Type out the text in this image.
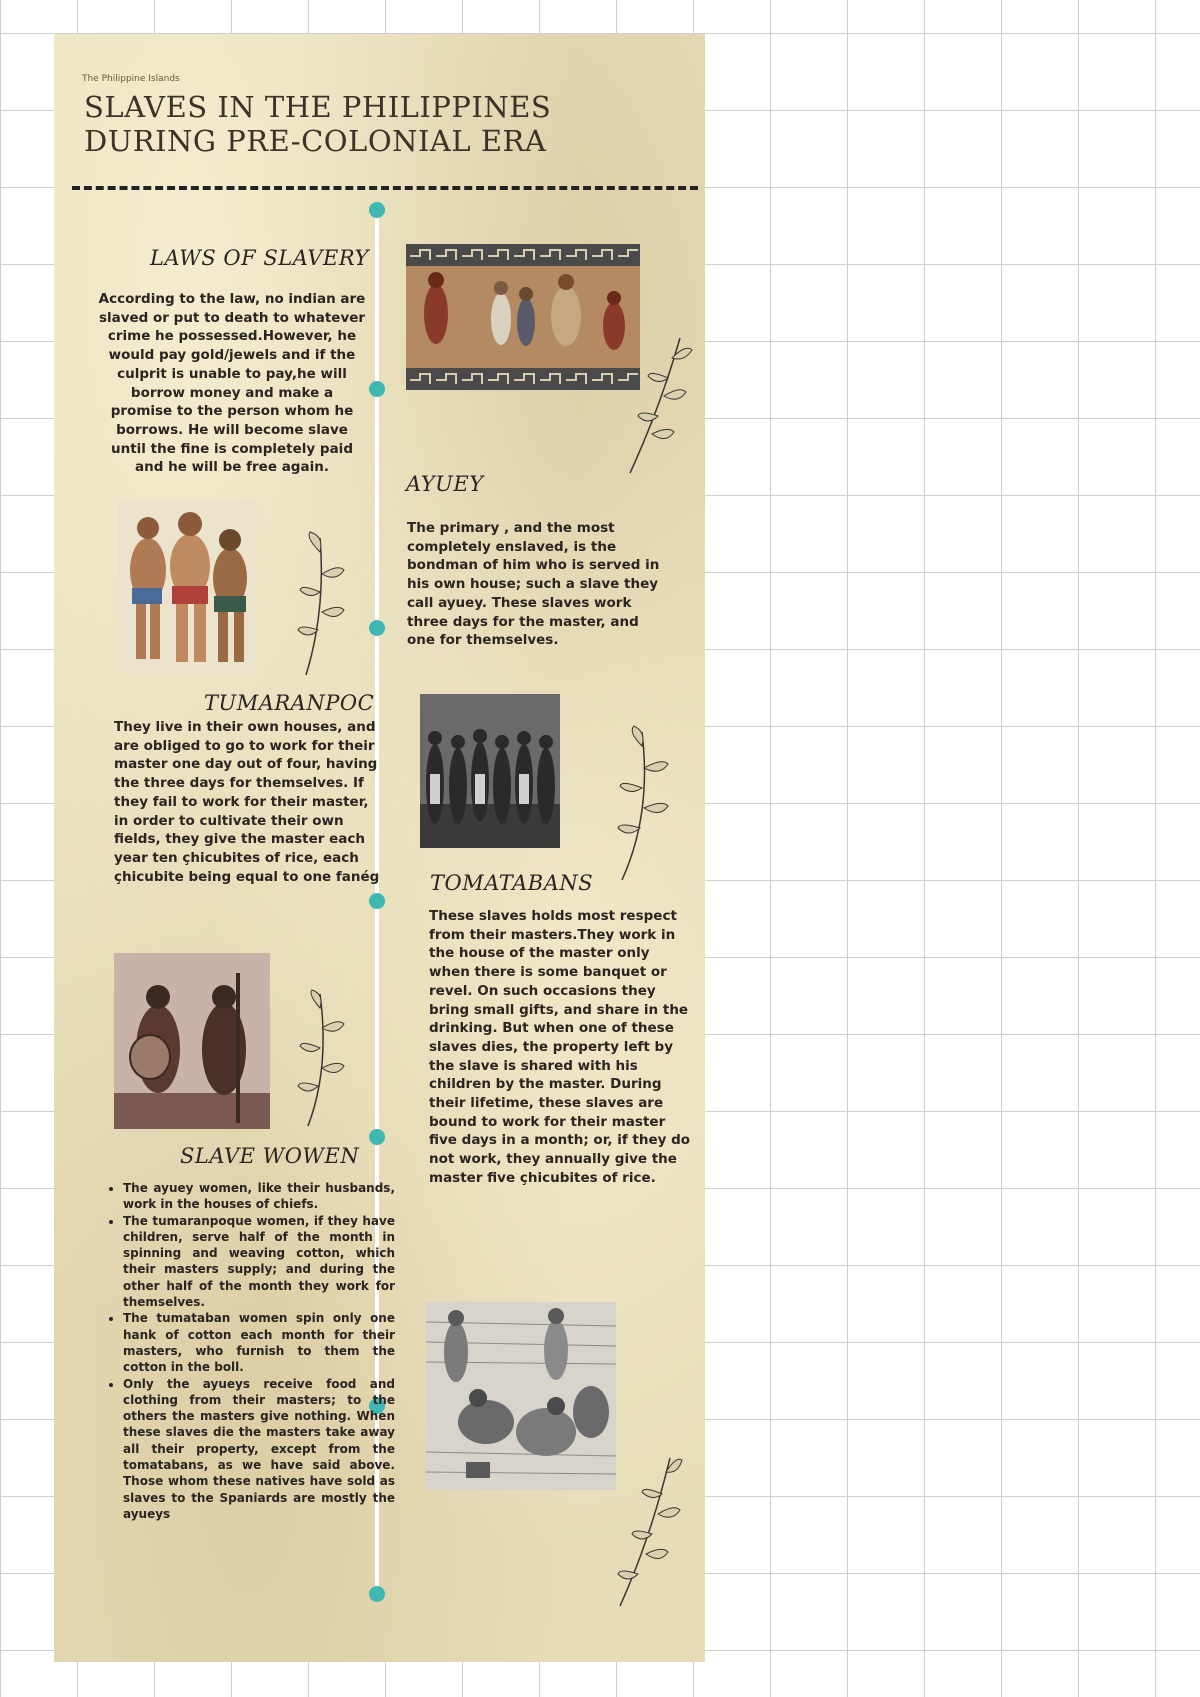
The Philippine Islands
SLAVES IN THE PHILIPPINES DURING PRE-COLONIAL ERA
LAWS OF SLAVERY
According to the law, no indian are slaved or put to death to whatever crime he possessed.However, he would pay gold/jewels and if the culprit is unable to pay,he will borrow money and make a promise to the person whom he borrows. He will become slave until the fine is completely paid and he will be free again.
AYUEY
The primary , and the most completely enslaved, is the bondman of him who is served in his own house; such a slave they call ayuey. These slaves work three days for the master, and one for themselves.
TUMARANPOC
They live in their own houses, and are obliged to go to work for their master one day out of four, having the three days for themselves. If they fail to work for their master, in order to cultivate their own fields, they give the master each year ten çhicubites of rice, each çhicubite being equal to one fanég TOMATABANS
These slaves holds most respect from their masters.They work in the house of the master only when there is some banquet or revel. On such occasions they bring small gifts, and share in the drinking. But when one of these slaves dies, the property left by the slave is shared with his children by the master. During their lifetime, these slaves are bound to work for their master five days in a month; or, if they do not work, they annually give the master five çhicubites of rice.
SLAVE WOWEN
• The ayuey women, like their husbands, work in the houses of chiefs.
• The tumaranpoque women, if they have children, serve half of the month in spinning and weaving cotton, which their masters supply; and during the other half of the month they work for themselves.
• The tumataban women spin only one hank of cotton each month for their masters, who furnish to them the cotton in the boll.
• Only the ayueys receive food and clothing from their masters; to the others the masters give nothing. When these slaves die the masters take away all their property, except from the tomatabans, as we have said above. Those whom these natives have sold as slaves to the Spaniards are mostly the ayueys
